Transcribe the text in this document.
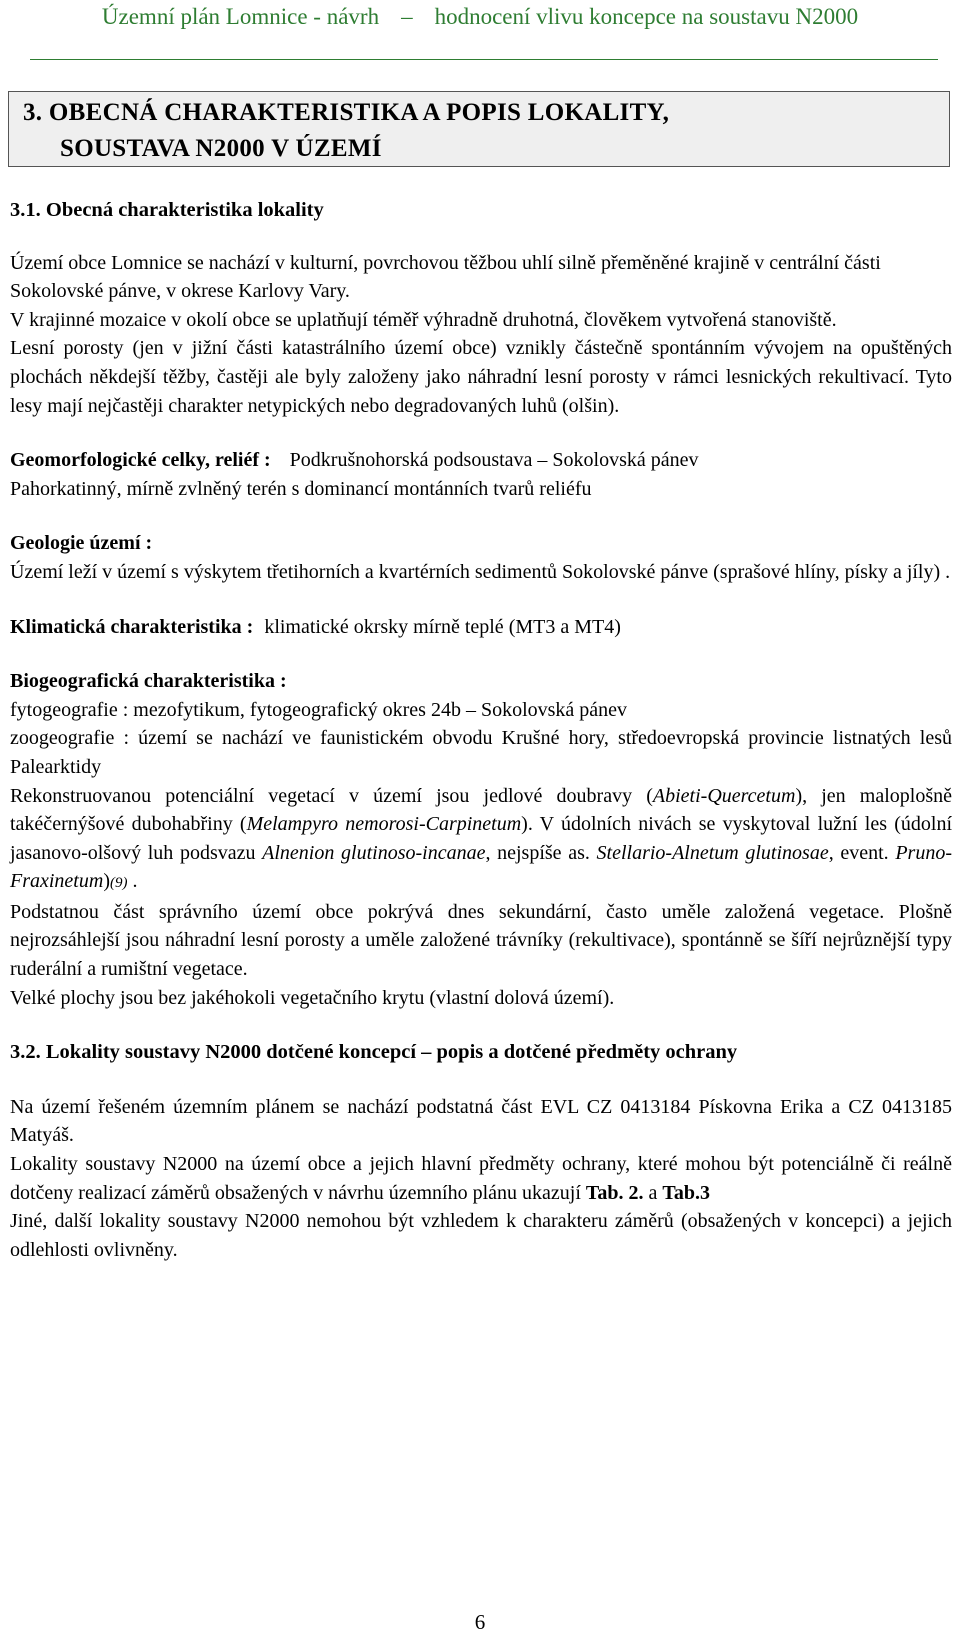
Územní plán Lomnice - návrh – hodnocení vlivu koncepce na soustavu N2000
3. OBECNÁ CHARAKTERISTIKA A POPIS LOKALITY,
SOUSTAVA N2000 V ÚZEMÍ

3.1. Obecná charakteristika lokality

Území obce Lomnice se nachází v kulturní, povrchovou těžbou uhlí silně přeměněné krajině v centrální části Sokolovské pánve, v okrese Karlovy Vary.

V krajinné mozaice v okolí obce se uplatňují téměř výhradně druhotná, člověkem vytvořená stanoviště.

Lesní porosty (jen v jižní části katastrálního území obce) vznikly částečně spontánním vývojem na opuštěných plochách někdejší těžby, častěji ale byly založeny jako náhradní lesní porosty v rámci lesnických rekultivací. Tyto lesy mají nejčastěji charakter netypických nebo degradovaných luhů (olšin).

Geomorfologické celky, reliéf : Podkrušnohorská podsoustava – Sokolovská pánev

Pahorkatinný, mírně zvlněný terén s dominancí montánních tvarů reliéfu

Geologie území :

Území leží v území s výskytem třetihorních a kvartérních sedimentů Sokolovské pánve (sprašové hlíny, písky a jíly) .

Klimatická charakteristika : klimatické okrsky mírně teplé (MT3 a MT4)

Biogeografická charakteristika :

fytogeografie : mezofytikum, fytogeografický okres 24b – Sokolovská pánev

zoogeografie : území se nachází ve faunistickém obvodu Krušné hory, středoevropská provincie listnatých lesů Palearktidy

Rekonstruovanou potenciální vegetací v území jsou jedlové doubravy (Abieti-Quercetum), jen maloplošně takéčernýšové dubohabřiny (Melampyro nemorosi-Carpinetum). V údolních nivách se vyskytoval lužní les (údolní jasanovo-olšový luh podsvazu Alnenion glutinoso-incanae, nejspíše as. Stellario-Alnetum glutinosae, event. Pruno-Fraxinetum)(9) .

Podstatnou část správního území obce pokrývá dnes sekundární, často uměle založená vegetace. Plošně nejrozsáhlejší jsou náhradní lesní porosty a uměle založené trávníky (rekultivace), spontánně se šíří nejrůznější typy ruderální a rumištní vegetace.

Velké plochy jsou bez jakéhokoli vegetačního krytu (vlastní dolová území).

3.2. Lokality soustavy N2000 dotčené koncepcí – popis a dotčené předměty ochrany

Na území řešeném územním plánem se nachází podstatná část EVL CZ 0413184 Pískovna Erika a CZ 0413185 Matyáš.

Lokality soustavy N2000 na území obce a jejich hlavní předměty ochrany, které mohou být potenciálně či reálně dotčeny realizací záměrů obsažených v návrhu územního plánu ukazují Tab. 2. a Tab.3

Jiné, další lokality soustavy N2000 nemohou být vzhledem k charakteru záměrů (obsažených v koncepci) a jejich odlehlosti ovlivněny.

6
